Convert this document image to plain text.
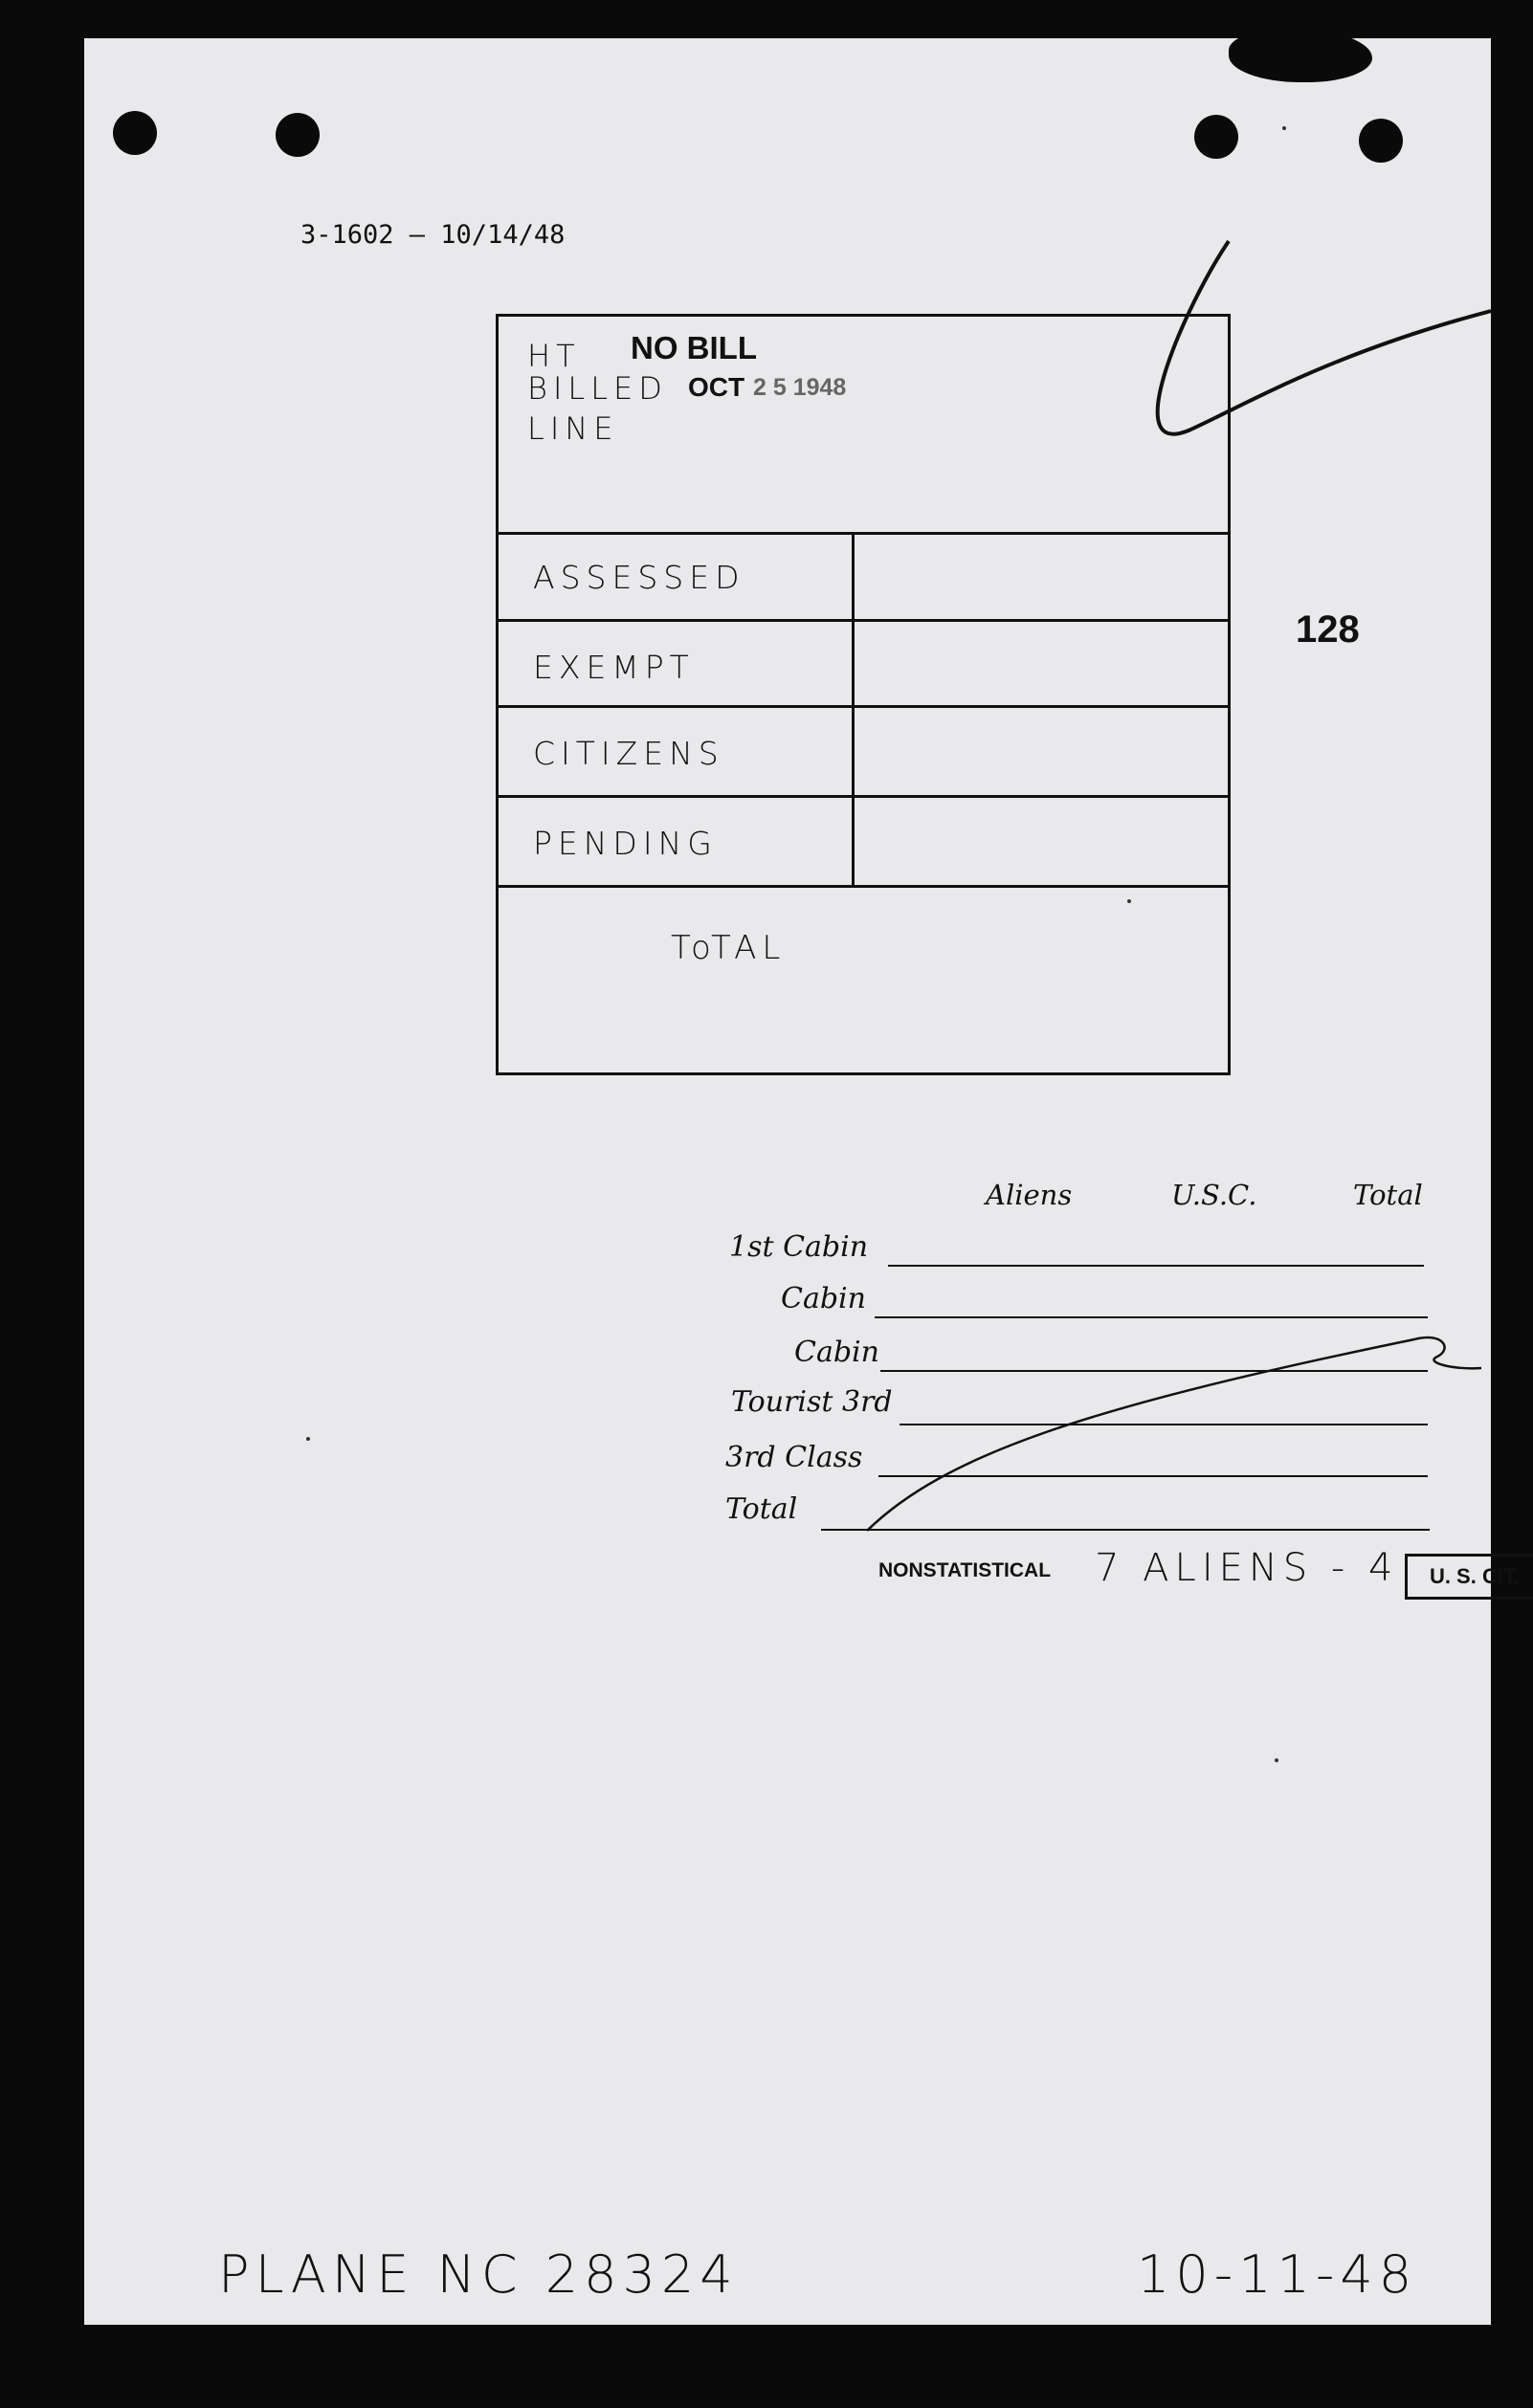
3-1602 — 10/14/48
HT
BILLED
LINE
NO BILL
OCT 2 5 1948
ASSESSED
EXEMPT
CITIZENS
PENDING
ToTAL
128
Aliens	U.S.C.	Total
1st Cabin
Cabin
Cabin
Tourist 3rd
3rd Class
Total
NONSTATISTICAL 7 ALIENS - 4	U. S. CIT.
PLANE NC 28324	10-11-48
